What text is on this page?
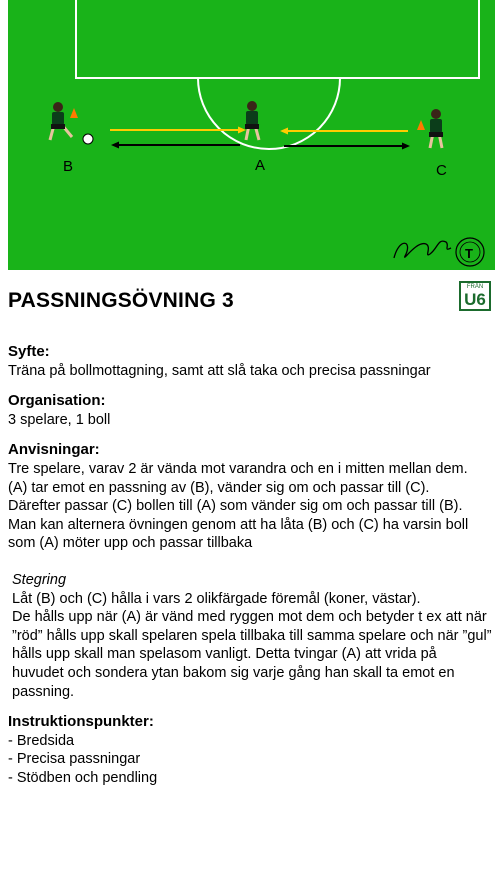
B	A	C
T
PASSNINGSÖVNING 3
FRÅN
U6

Syfte:

Träna på bollmottagning, samt att slå taka och precisa passningar

Organisation:

3 spelare, 1 boll

Anvisningar:

Tre spelare, varav 2 är vända mot varandra och en i mitten mellan dem.

(A) tar emot en passning av (B), vänder sig om och passar till (C).

Därefter passar (C) bollen till (A) som vänder sig om och passar till (B).

Man kan alternera övningen genom att ha låta (B) och (C) ha varsin boll som (A) möter upp och passar tillbaka

Stegring

Låt (B) och (C) hålla i vars 2 olikfärgade föremål (koner, västar).

De hålls upp när (A) är vänd med ryggen mot dem och betyder t ex att när ”röd” hålls upp skall spelaren spela tillbaka till samma spelare och när ”gul” hålls upp skall man spelasom vanligt. Detta tvingar (A) att vrida på huvudet och sondera ytan bakom sig varje gång han skall ta emot en passning.

Instruktionspunkter:

- Bredsida

- Precisa passningar

- Stödben och pendling
